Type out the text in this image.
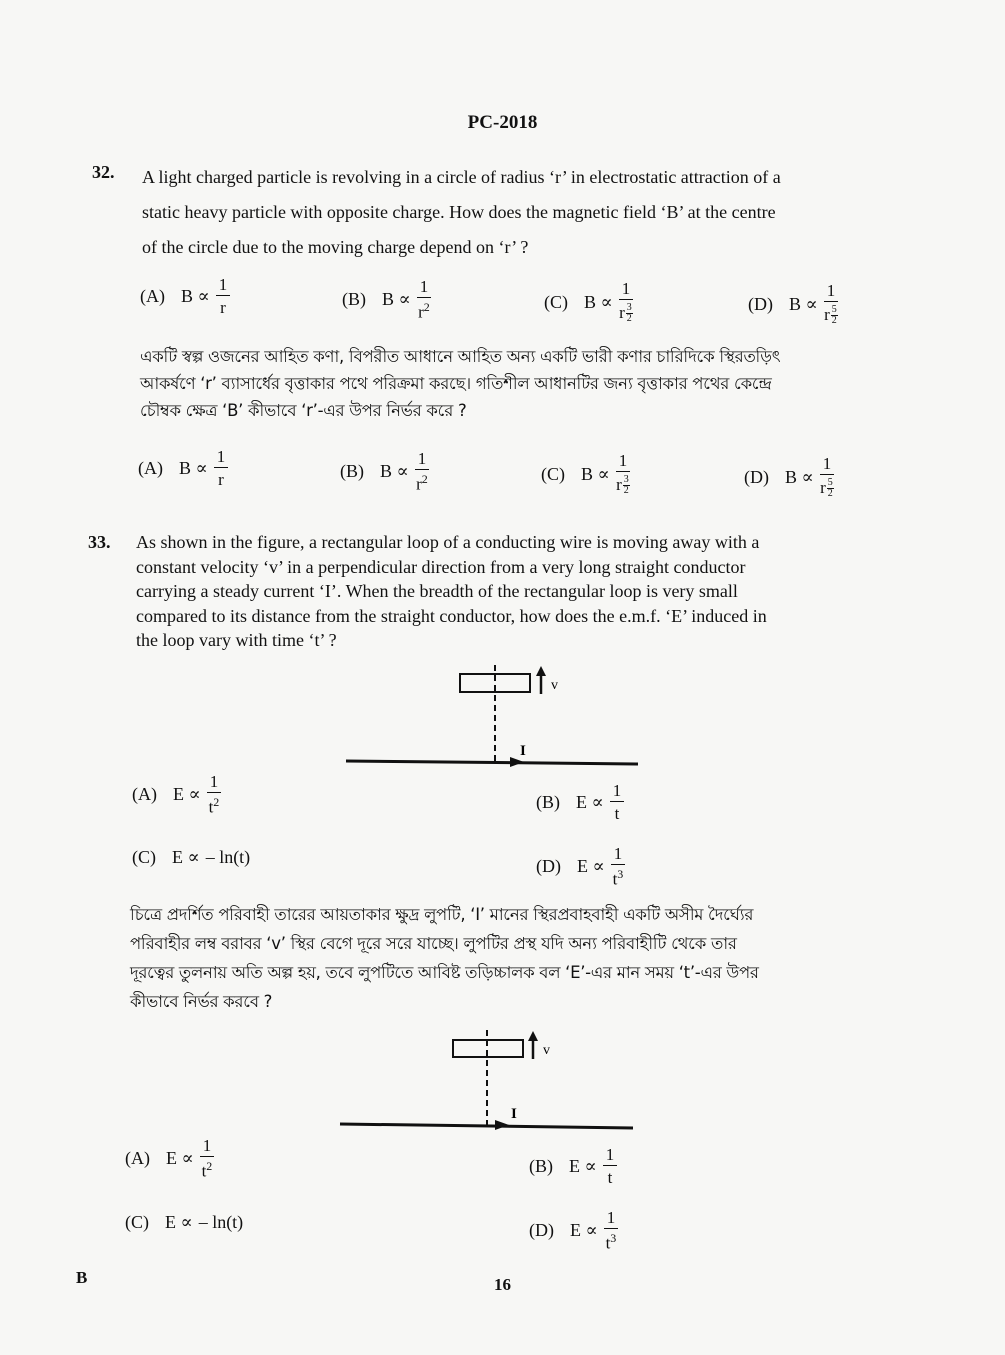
PC-2018
32. A light charged particle is revolving in a circle of radius ‘r’ in electrostatic attraction of a
static heavy particle with opposite charge. How does the magnetic field ‘B’ at the centre
of the circle due to the moving charge depend on ‘r’ ?
(A) $B \propto \frac{1}{r}$	(B) $B \propto \frac{1}{r^2}$	(C) $B \propto \frac{1}{r \frac{3}{2}}$	(D) $B \propto \frac{1}{r \frac{5}{2}}$
একটি স্বল্প ওজনের আহিত কণা, বিপরীত আধানে আহিত অন্য একটি ভারী কণার চারিদিকে স্থিরতড়িৎ
আকর্ষণে ‘r’ ব্যাসার্ধের বৃত্তাকার পথে পরিক্রমা করছে। গতিশীল আধানটির জন্য বৃত্তাকার পথের কেন্দ্রে
চৌম্বক ক্ষেত্র ‘B’ কীভাবে ‘r’-এর উপর নির্ভর করে ?
(A) $B \propto \frac{1}{r}$	(B) $B \propto \frac{1}{r^2}$	(C) $B \propto \frac{1}{r \frac{3}{2}}$	(D) $B \propto \frac{1}{r \frac{5}{2}}$
33. As shown in the figure, a rectangular loop of a conducting wire is moving away with a
constant velocity ‘v’ in a perpendicular direction from a very long straight conductor
carrying a steady current ‘I’. When the breadth of the rectangular loop is very small
compared to its distance from the straight conductor, how does the e.m.f. ‘E’ induced in
the loop vary with time ‘t’ ?
v
I
(A) $E \propto \frac{1}{t^2}$	(B) $E \propto \frac{1}{t}$
(C) E ∝ – ln(t)	(D) $E \propto \frac{1}{t^3}$
চিত্রে প্রদর্শিত পরিবাহী তারের আয়তাকার ক্ষুদ্র লুপটি, ‘I’ মানের স্থিরপ্রবাহবাহী একটি অসীম দৈর্ঘ্যের
পরিবাহীর লম্ব বরাবর ‘v’ স্থির বেগে দূরে সরে যাচ্ছে। লুপটির প্রস্থ যদি অন্য পরিবাহীটি থেকে তার
দূরত্বের তুলনায় অতি অল্প হয়, তবে লুপটিতে আবিষ্ট তড়িচ্চালক বল ‘E’-এর মান সময় ‘t’-এর উপর
কীভাবে নির্ভর করবে ?
v
I
(A) $E \propto \frac{1}{t^2}$	(B) $E \propto \frac{1}{t}$
(C) E ∝ – ln(t)	(D) $E \propto \frac{1}{t^3}$
B	16
